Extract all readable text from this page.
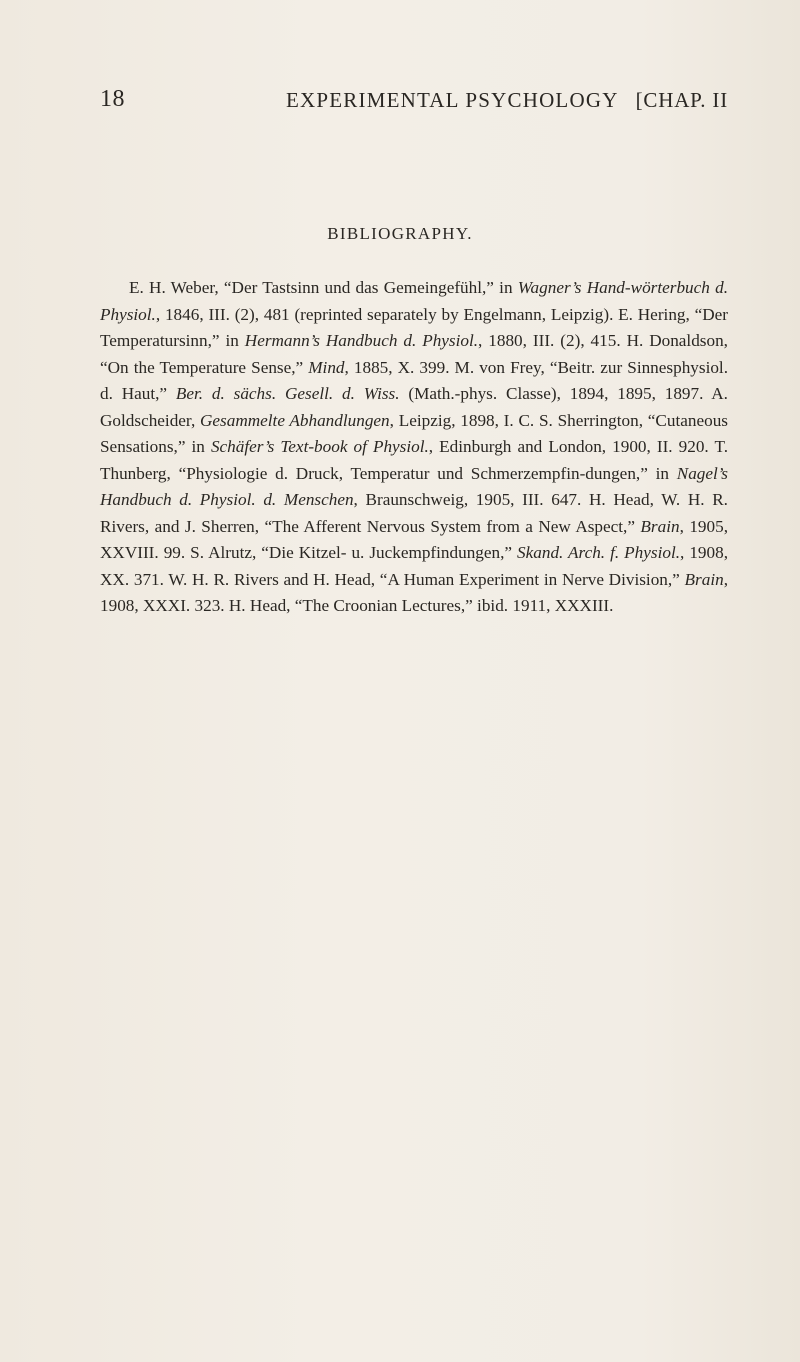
18	EXPERIMENTAL PSYCHOLOGY [CHAP. II
BIBLIOGRAPHY.

E. H. Weber, “Der Tastsinn und das Gemeingefühl,” in Wagner’s Hand-wörterbuch d. Physiol., 1846, III. (2), 481 (reprinted separately by Engelmann, Leipzig). E. Hering, “Der Temperatursinn,” in Hermann’s Handbuch d. Physiol., 1880, III. (2), 415. H. Donaldson, “On the Temperature Sense,” Mind, 1885, X. 399. M. von Frey, “Beitr. zur Sinnesphysiol. d. Haut,” Ber. d. sächs. Gesell. d. Wiss. (Math.-phys. Classe), 1894, 1895, 1897. A. Goldscheider, Gesammelte Abhandlungen, Leipzig, 1898, I. C. S. Sherrington, “Cutaneous Sensations,” in Schäfer’s Text-book of Physiol., Edinburgh and London, 1900, II. 920. T. Thunberg, “Physiologie d. Druck, Temperatur und Schmerzempfin-dungen,” in Nagel’s Handbuch d. Physiol. d. Menschen, Braunschweig, 1905, III. 647. H. Head, W. H. R. Rivers, and J. Sherren, “The Afferent Nervous System from a New Aspect,” Brain, 1905, XXVIII. 99. S. Alrutz, “Die Kitzel- u. Juckempfindungen,” Skand. Arch. f. Physiol., 1908, XX. 371. W. H. R. Rivers and H. Head, “A Human Experiment in Nerve Division,” Brain, 1908, XXXI. 323. H. Head, “The Croonian Lectures,” ibid. 1911, XXXIII.
